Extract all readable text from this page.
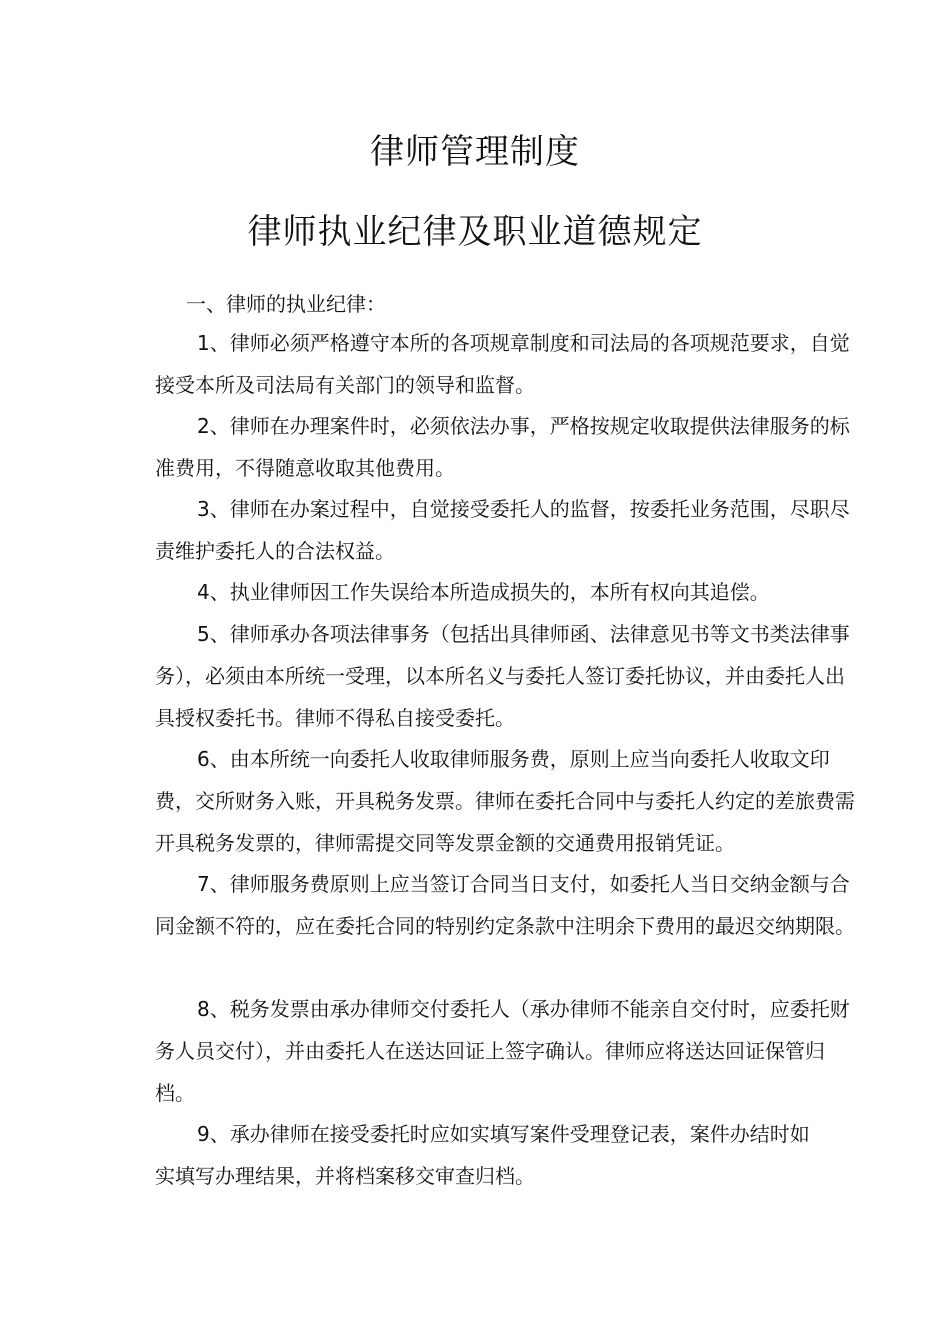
律师管理制度
律师执业纪律及职业道德规定
一、律师的执业纪律：

1、律师必须严格遵守本所的各项规章制度和司法局的各项规范要求，自觉接受本所及司法局有关部门的领导和监督。

2、律师在办理案件时，必须依法办事，严格按规定收取提供法律服务的标准费用，不得随意收取其他费用。

3、律师在办案过程中，自觉接受委托人的监督，按委托业务范围，尽职尽责维护委托人的合法权益。

4、执业律师因工作失误给本所造成损失的，本所有权向其追偿。

5、律师承办各项法律事务（包括出具律师函、法律意见书等文书类法律事务），必须由本所统一受理，以本所名义与委托人签订委托协议，并由委托人出具授权委托书。律师不得私自接受委托。

6、由本所统一向委托人收取律师服务费，原则上应当向委托人收取文印费，交所财务入账，开具税务发票。律师在委托合同中与委托人约定的差旅费需开具税务发票的，律师需提交同等发票金额的交通费用报销凭证。

7、律师服务费原则上应当签订合同当日支付，如委托人当日交纳金额与合同金额不符的，应在委托合同的特别约定条款中注明余下费用的最迟交纳期限。

8、税务发票由承办律师交付委托人（承办律师不能亲自交付时，应委托财务人员交付），并由委托人在送达回证上签字确认。律师应将送达回证保管归档。

9、承办律师在接受委托时应如实填写案件受理登记表，案件办结时如实填写办理结果，并将档案移交审查归档。
